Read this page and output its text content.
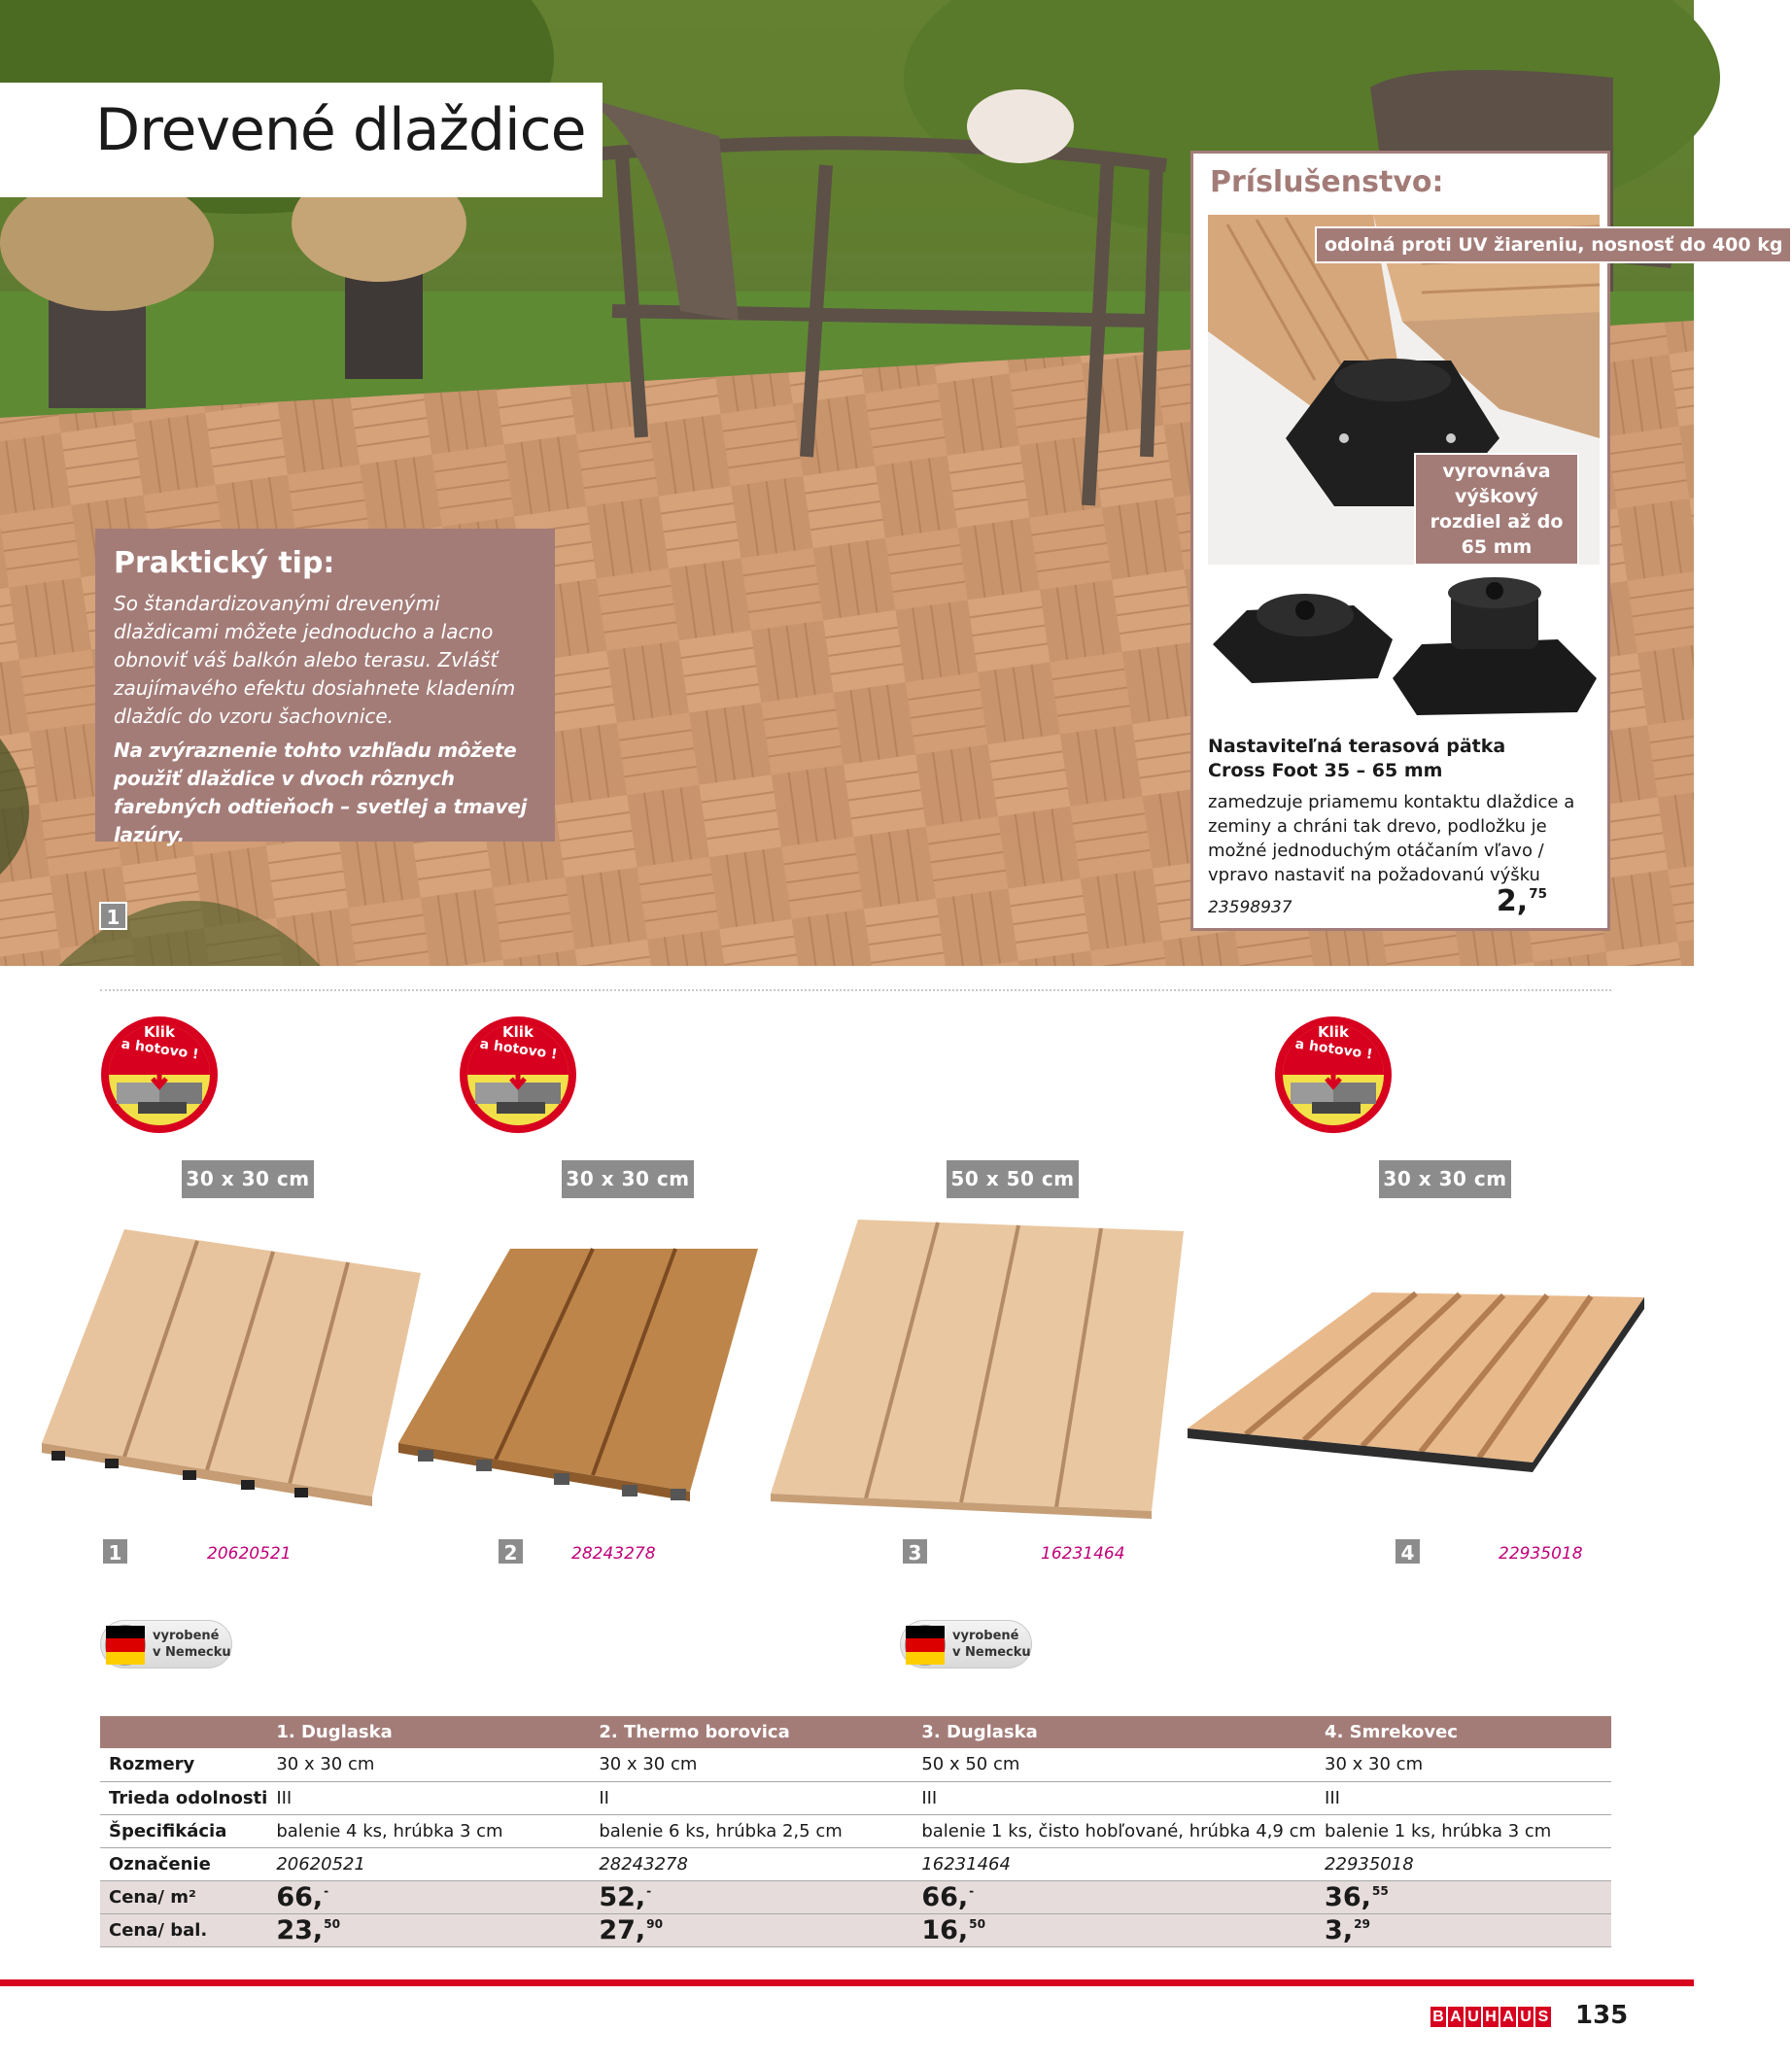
Drevené dlaždice
Praktický tip:

So štandardizovanými drevenými dlaždicami môžete jednoducho a lacno obnoviť váš balkón alebo terasu. Zvlášť zaujímavého efektu dosiahnete kladením dlaždíc do vzoru šachovnice.

Na zvýraznenie tohto vzhľadu môžete použiť dlaždice v dvoch rôznych farebných odtieňoch – svetlej a tmavej lazúry.

1
Príslušenstvo:
odolná proti UV žiareniu, nosnosť do 400 kg
vyrovnáva výškový rozdiel až do 65 mm
Nastaviteľná terasová pätka
Cross Foot 35 – 65 mm
zamedzuje priamemu kontaktu dlaždice a zeminy a chráni tak drevo, podložku je možné jednoduchým otáčaním vľavo / vpravo nastaviť na požadovanú výšku
23598937	2,75
Klik
a hotovo !
Klik
a hotovo !
Klik
a hotovo !
30 x 30 cm	30 x 30 cm	50 x 50 cm	30 x 30 cm
1	20620521	2	28243278	3	16231464	4	22935018
vyrobené
v Nemecku
vyrobené
v Nemecku
	1. Duglaska	2. Thermo borovica	3. Duglaska	4. Smrekovec
Rozmery	30 x 30 cm	30 x 30 cm	50 x 50 cm	30 x 30 cm
Trieda odolnosti	III	II	III	III
Špecifikácia	balenie 4 ks, hrúbka 3 cm	balenie 6 ks, hrúbka 2,5 cm	balenie 1 ks, čisto hobľované, hrúbka 4,9 cm	balenie 1 ks, hrúbka 3 cm
Označenie	20620521	28243278	16231464	22935018
Cena/ m²	66,-	52,-	66,-	36,55
Cena/ bal.	23,50	27,90	16,50	3,29
B A U H A U S 135
